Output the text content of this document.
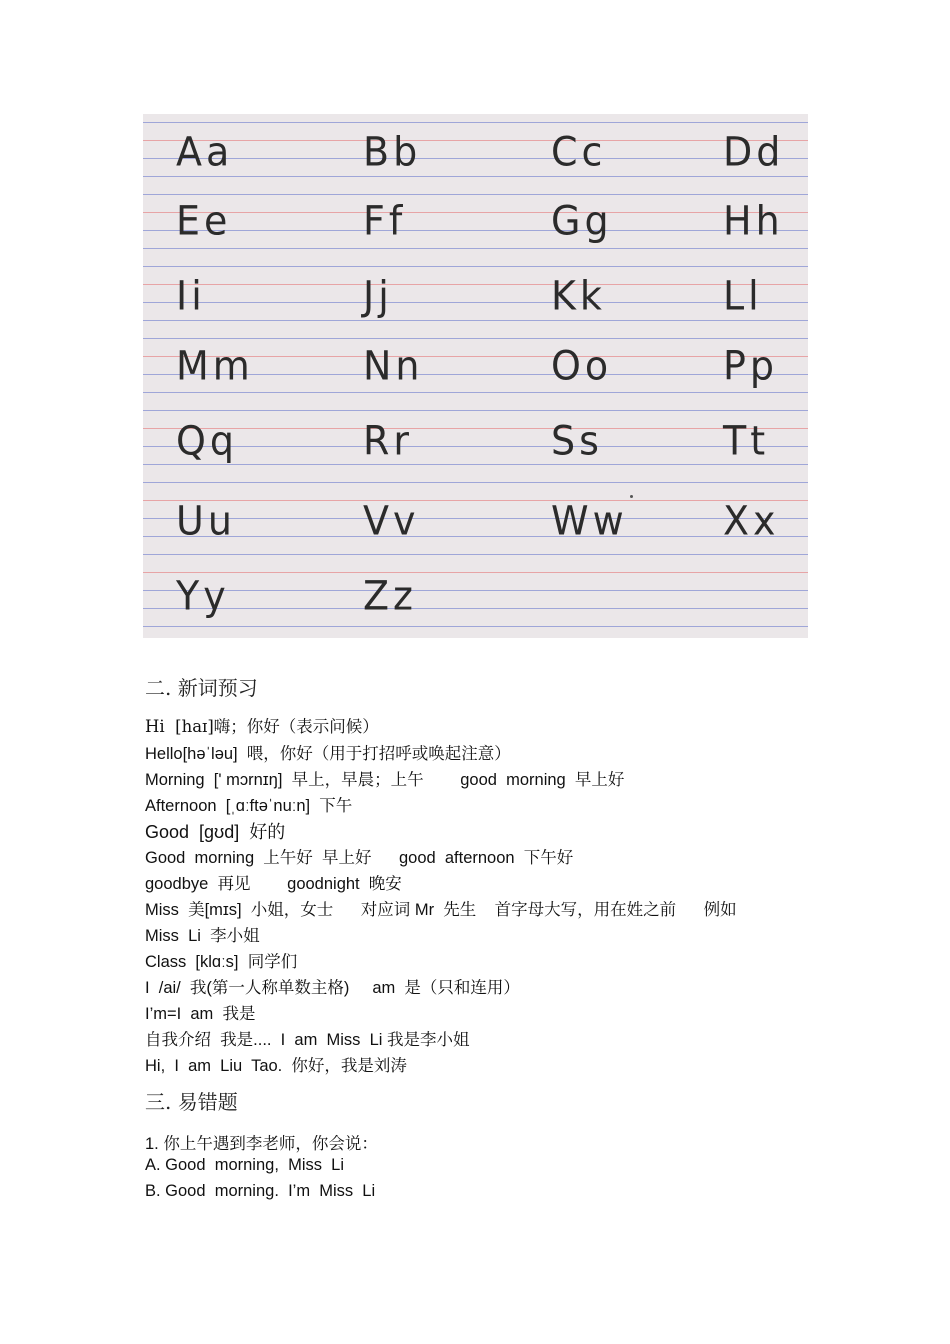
Aa	Bb	Cc	Dd
Ee	Ff	Gg	Hh
Ii	Jj	Kk	Ll
Mm	Nn	Oo	Pp
Qq	Rr	Ss	Tt
Uu	Vv	Ww	Xx
Yy	Zz
二. 新词预习
Hi  [haɪ]嗨；你好（表示问候）
Hello[həˈləu]  喂，你好（用于打招呼或唤起注意）
Morning  [' mɔrnɪŋ]  早上，早晨；上午        good  morning  早上好
Afternoon  [ˌɑːftəˈnuːn]  下午
Good  [gʊd]  好的
Good  morning  上午好  早上好      good  afternoon  下午好
goodbye  再见        goodnight  晚安
Miss  美[mɪs]  小姐，女士      对应词 Mr  先生    首字母大写，用在姓之前      例如
Miss  Li  李小姐
Class  [klɑːs]  同学们
I  /ai/  我(第一人称单数主格)     am  是（只和连用）
I’m=I  am  我是
自我介绍  我是....  I  am  Miss  Li 我是李小姐
Hi,  I  am  Liu  Tao.  你好，我是刘涛
三. 易错题
1. 你上午遇到李老师，你会说：
A. Good  morning,  Miss  Li
B. Good  morning.  I’m  Miss  Li
